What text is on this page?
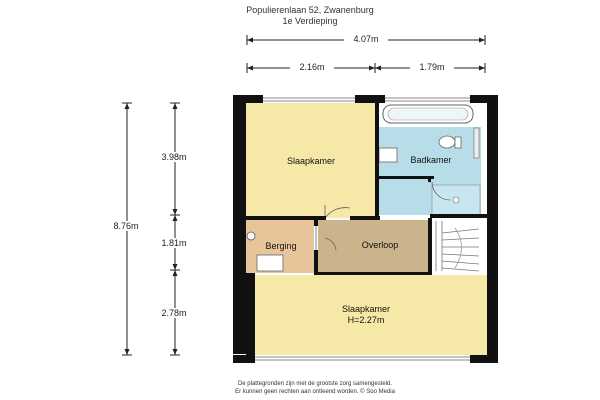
Populierenlaan 52, Zwanenburg
1e Verdieping
4.07m
2.16m	1.79m
8.76m
3.98m
1.81m
2.78m
Slaapkamer	Badkamer
Berging	Overloop
Slaapkamer
H=2.27m
De plattegronden zijn met de grootste zorg samengesteld.
Er kunnen geen rechten aan ontleend worden. © Soo Media
